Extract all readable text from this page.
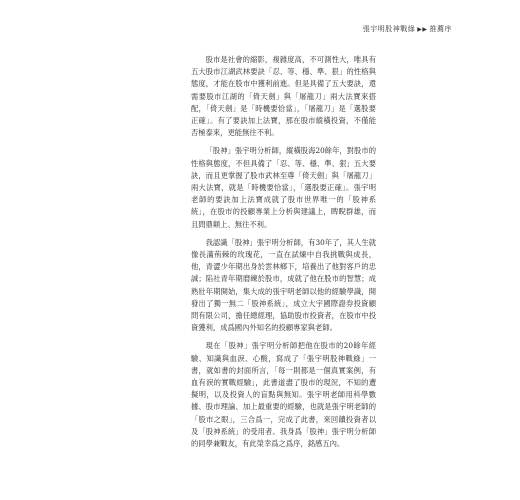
張宇明股神戰綠 ▶▶ 推薦序

股市是社會的縮影，複雜度高，不可測性大，唯具有五大股市江湖武林要訣「忍、等、穩、準、狠」的性格與態度，才能在股市中獲利前進。但是具備了五大要訣，還需要股市江湖的「倚天劍」與「屠龍刀」兩大法寶來搭配，「倚天劍」是「時機要恰當」，「屠龍刀」是「選股要正確」。有了要訣加上法寶，那在股市縱橫投資，不僅能否極泰來，更能無往不利。

「股神」張宇明分析師，縱橫股海20餘年，對股市的性格與態度，不但具備了「忍、等、穩、準、狠」五大要訣，而且更掌握了股市武林至尊「倚天劍」與「屠龍刀」兩大法寶，就是「時機要恰當」，「選股要正確」。張宇明老師的要訣加上法寶成就了股市世界唯一的「股神系統」，在股市的投顧專業上分析與建議上，睥睨群雄，而且問鼎顛上、無往不利。

我認識「股神」張宇明分析師，有30年了，其人生就像長滿荊棘的玫瑰花，一直在試煉中自我挑戰與成長，他，青澀少年期出身於雲林鄉下，培養出了他對客戶的忠誠；陷社青年期磨練於股市，成就了他在股市的智慧；成熟壯年期開始，集大成的張宇明老師以他的經驗學識，開發出了獨一無二「股神系統」，成立大宇國際證券投資顧問有限公司，擔任總經理，協助股市投資者，在股市中投資獲利，成爲國內外知名的投顧專家與老師。

現在「股神」張宇明分析師把他在股市的20餘年經驗、知識與血淚、心酸，寫成了「張宇明股神戰綠」一書，就如書的封面所言，「每一則都是一個真實案例，有血有淚的實戰經驗」，此書道盡了股市的現況，不知的遭擬明，以及投資人的盲點與無知。張宇明老師用科學數據、股市理論、加上最重要的經驗，也就是張宇明老師的「股市之眼」，三合爲一，完成了此書，來回饋投資者以及「股神系統」的受用者。我身爲「股神」張宇明分析師的同學兼戰友，有此榮幸爲之爲序，銘感五內。
